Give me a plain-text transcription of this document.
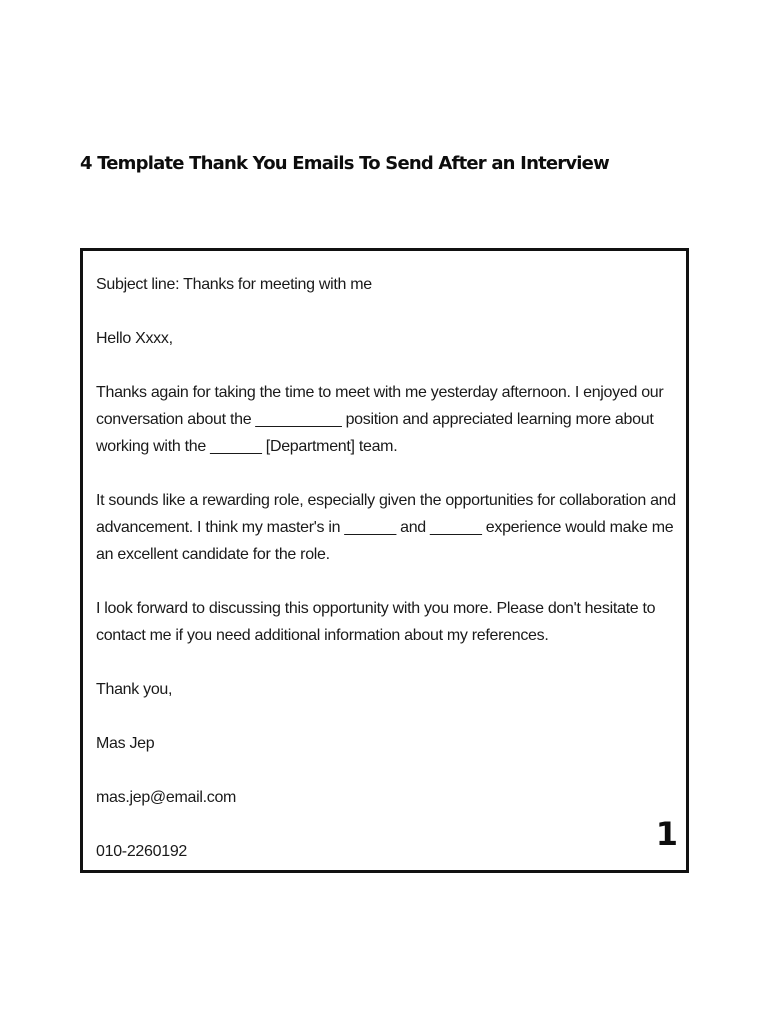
4 Template Thank You Emails To Send After an Interview

Subject line: Thanks for meeting with me

Hello Xxxx,

Thanks again for taking the time to meet with me yesterday afternoon. I enjoyed our conversation about the __________ position and appreciated learning more about working with the ______ [Department] team.

It sounds like a rewarding role, especially given the opportunities for collaboration and advancement. I think my master's in ______ and ______ experience would make me an excellent candidate for the role.

I look forward to discussing this opportunity with you more. Please don't hesitate to contact me if you need additional information about my references.

Thank you,

Mas Jep

mas.jep@email.com

010-2260192	1
